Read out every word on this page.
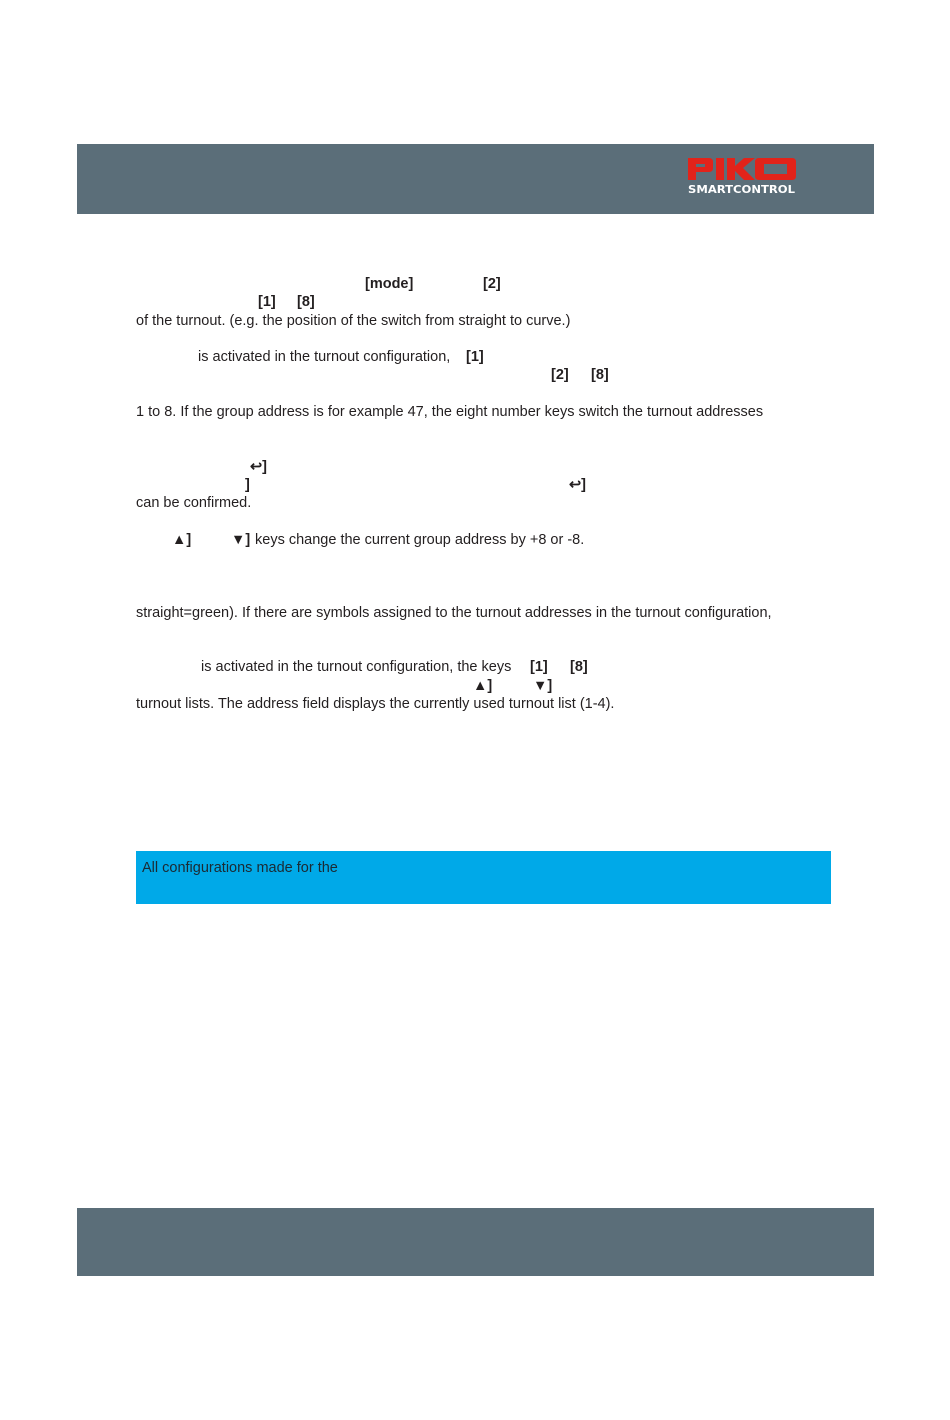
SMARTCONTROL
[mode]	[2]
[1] [8]
of the turnout. (e.g. the position of the switch from straight to curve.)
is activated in the turnout configuration, [1]
[2] [8]
1 to 8. If the group address is for example 47, the eight number keys switch the turnout addresses
↩]
]	↩]
can be confirmed.
▲]	▼] keys change the current group address by +8 or -8.
straight=green). If there are symbols assigned to the turnout addresses in the turnout configuration,
is activated in the turnout configuration, the keys [1] [8]
▲]	▼]
turnout lists. The address field displays the currently used turnout list (1-4).
All configurations made for the
